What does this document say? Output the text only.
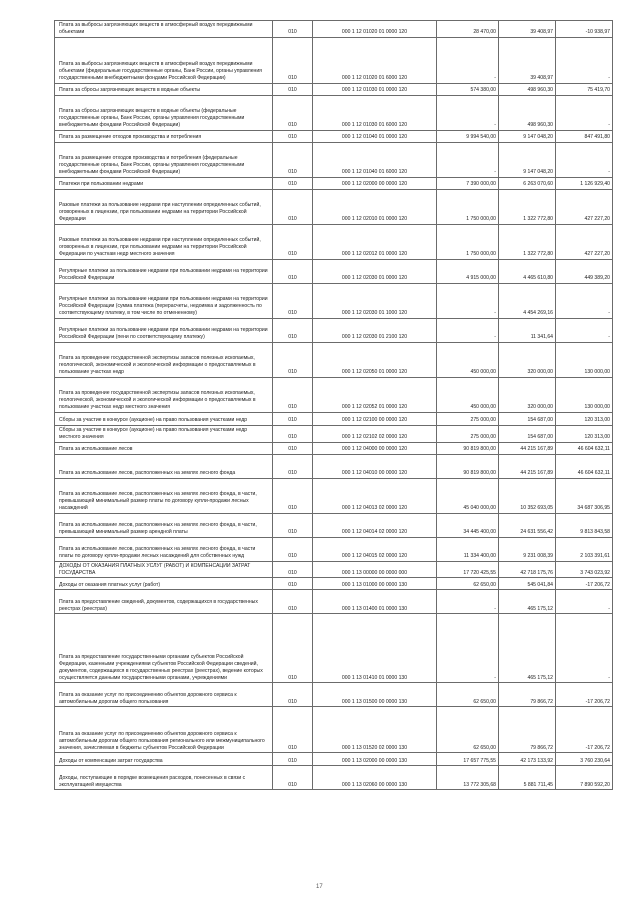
Плата за выбросы загрязняющих веществ в атмосферный воздух передвижными объектами	010	000 1 12 01020 01 0000 120	28 470,00	39 408,97	-10 938,97
Плата за выбросы загрязняющих веществ в атмосферный воздух передвижными объектами (федеральные государственные органы, Банк России, органы управления государственными внебюджетными фондами Российской Федерации)	010	000 1 12 01020 01 6000 120	-	39 408,97	-
Плата за сбросы загрязняющих веществ в водные объекты	010	000 1 12 01030 01 0000 120	574 380,00	498 960,30	75 419,70
Плата за сбросы загрязняющих веществ в водные объекты (федеральные государственные органы, Банк России, органы управления государственными внебюджетными фондами Российской Федерации)	010	000 1 12 01030 01 6000 120	-	498 960,30	-
Плата за размещение отходов производства и потребления	010	000 1 12 01040 01 0000 120	9 994 540,00	9 147 048,20	847 491,80
Плата за размещение отходов производства и потребления (федеральные государственные органы, Банк России, органы управления государственными внебюджетными фондами Российской Федерации)	010	000 1 12 01040 01 6000 120	-	9 147 048,20	-
Платежи при пользовании недрами	010	000 1 12 02000 00 0000 120	7 390 000,00	6 263 070,60	1 126 929,40
Разовые платежи за пользование недрами при наступлении определенных событий, оговоренных в лицензии, при пользовании недрами на территории Российской Федерации	010	000 1 12 02010 01 0000 120	1 750 000,00	1 322 772,80	427 227,20
Разовые платежи за пользование недрами при наступлении определенных событий, оговоренных в лицензии, при пользовании недрами на территории Российской Федерации по участкам недр местного значения	010	000 1 12 02012 01 0000 120	1 750 000,00	1 322 772,80	427 227,20
Регулярные платежи за пользование недрами при пользовании недрами на территории Российской Федерации	010	000 1 12 02030 01 0000 120	4 915 000,00	4 465 610,80	449 389,20
Регулярные платежи за пользование недрами при пользовании недрами на территории Российской Федерации (сумма платежа (перерасчеты, недоимка и задолженность по соответствующему платежу, в том числе по отмененному)	010	000 1 12 02030 01 1000 120	-	4 454 269,16	-
Регулярные платежи за пользование недрами при пользовании недрами на территории Российской Федерации (пени по соответствующему платежу)	010	000 1 12 02030 01 2100 120	-	11 341,64	-
Плата за проведение государственной экспертизы запасов полезных ископаемых, геологической, экономической и экологической информации о предоставляемых в пользование участках недр	010	000 1 12 02050 01 0000 120	450 000,00	320 000,00	130 000,00
Плата за проведение государственной экспертизы запасов полезных ископаемых, геологической, экономической и экологической информации о предоставляемых в пользование участках недр местного значения	010	000 1 12 02052 01 0000 120	450 000,00	320 000,00	130 000,00
Сборы за участие в конкурсе (аукционе) на право пользования участками недр	010	000 1 12 02100 00 0000 120	275 000,00	154 687,00	120 313,00
Сборы за участие в конкурсе (аукционе) на право пользования участками недр местного значения	010	000 1 12 02102 02 0000 120	275 000,00	154 687,00	120 313,00
Плата за использование лесов	010	000 1 12 04000 00 0000 120	90 819 800,00	44 215 167,89	46 604 632,11
Плата за использование лесов, расположенных на землях лесного фонда	010	000 1 12 04010 00 0000 120	90 819 800,00	44 215 167,89	46 604 632,11
Плата за использование лесов, расположенных на землях лесного фонда, в части, превышающей минимальный размер платы по договору купли-продажи лесных насаждений	010	000 1 12 04013 02 0000 120	45 040 000,00	10 352 693,05	34 687 306,95
Плата за использование лесов, расположенных на землях лесного фонда, в части, превышающей минимальный размер арендной платы	010	000 1 12 04014 02 0000 120	34 445 400,00	24 631 556,42	9 813 843,58
Плата за использование лесов, расположенных на землях лесного фонда, в части платы по договору купли-продажи лесных насаждений для собственных нужд	010	000 1 12 04015 02 0000 120	11 334 400,00	9 231 008,39	2 103 391,61
ДОХОДЫ ОТ ОКАЗАНИЯ ПЛАТНЫХ УСЛУГ (РАБОТ) И КОМПЕНСАЦИИ ЗАТРАТ ГОСУДАРСТВА	010	000 1 13 00000 00 0000 000	17 720 425,55	42 718 175,76	3 743 023,92
Доходы от оказания платных услуг (работ)	010	000 1 13 01000 00 0000 130	62 650,00	545 041,84	-17 206,72
Плата за предоставление сведений, документов, содержащихся в государственных реестрах (реестрах)	010	000 1 13 01400 01 0000 130	-	465 175,12	-
Плата за предоставление государственными органами субъектов Российской Федерации, казенными учреждениями субъектов Российской Федерации сведений, документов, содержащихся в государственных реестрах (реестрах), ведение которых осуществляется данными государственными органами, учреждениями	010	000 1 13 01410 01 0000 130	-	465 175,12	-
Плата за оказание услуг по присоединению объектов дорожного сервиса к автомобильным дорогам общего пользования	010	000 1 13 01500 00 0000 130	62 650,00	79 866,72	-17 206,72
Плата за оказание услуг по присоединению объектов дорожного сервиса к автомобильным дорогам общего пользования регионального или межмуниципального значения, зачисляемая в бюджеты субъектов Российской Федерации	010	000 1 13 01520 02 0000 130	62 650,00	79 866,72	-17 206,72
Доходы от компенсации затрат государства	010	000 1 13 02000 00 0000 130	17 657 775,55	42 173 133,92	3 760 230,64
Доходы, поступающие в порядке возмещения расходов, понесенных в связи с эксплуатацией имущества	010	000 1 13 02060 00 0000 130	13 772 305,68	5 881 711,45	7 890 592,20
17
